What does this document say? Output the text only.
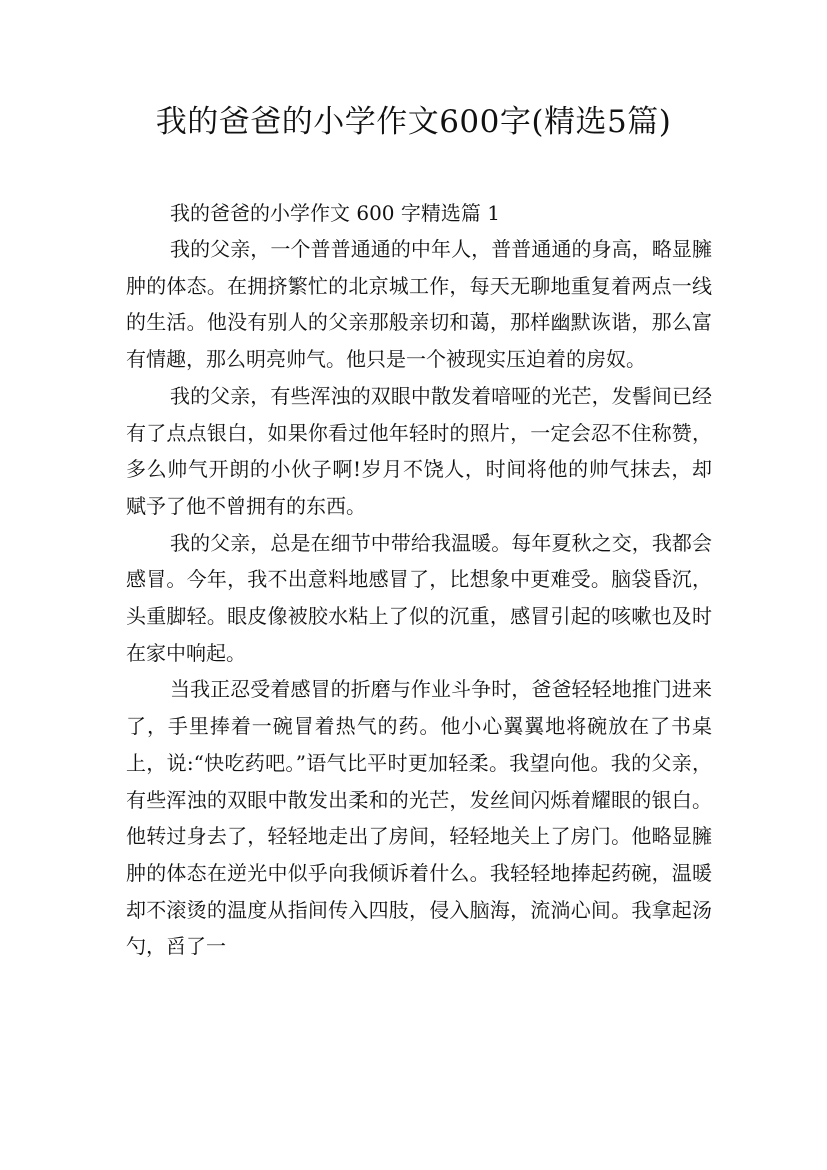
我的爸爸的小学作文600字(精选5篇)
我的爸爸的小学作文 600 字精选篇 1

我的父亲，一个普普通通的中年人，普普通通的身高，略显臃肿的体态。在拥挤繁忙的北京城工作，每天无聊地重复着两点一线的生活。他没有别人的父亲那般亲切和蔼，那样幽默诙谐，那么富有情趣，那么明亮帅气。他只是一个被现实压迫着的房奴。

我的父亲，有些浑浊的双眼中散发着喑哑的光芒，发髻间已经有了点点银白，如果你看过他年轻时的照片，一定会忍不住称赞，多么帅气开朗的小伙子啊!岁月不饶人，时间将他的帅气抹去，却赋予了他不曾拥有的东西。

我的父亲，总是在细节中带给我温暖。每年夏秋之交，我都会感冒。今年，我不出意料地感冒了，比想象中更难受。脑袋昏沉，头重脚轻。眼皮像被胶水粘上了似的沉重，感冒引起的咳嗽也及时在家中响起。

当我正忍受着感冒的折磨与作业斗争时，爸爸轻轻地推门进来了，手里捧着一碗冒着热气的药。他小心翼翼地将碗放在了书桌上，说:“快吃药吧。”语气比平时更加轻柔。我望向他。我的父亲，有些浑浊的双眼中散发出柔和的光芒，发丝间闪烁着耀眼的银白。他转过身去了，轻轻地走出了房间，轻轻地关上了房门。他略显臃肿的体态在逆光中似乎向我倾诉着什么。我轻轻地捧起药碗，温暖却不滚烫的温度从指间传入四肢，侵入脑海，流淌心间。我拿起汤勺，舀了一
